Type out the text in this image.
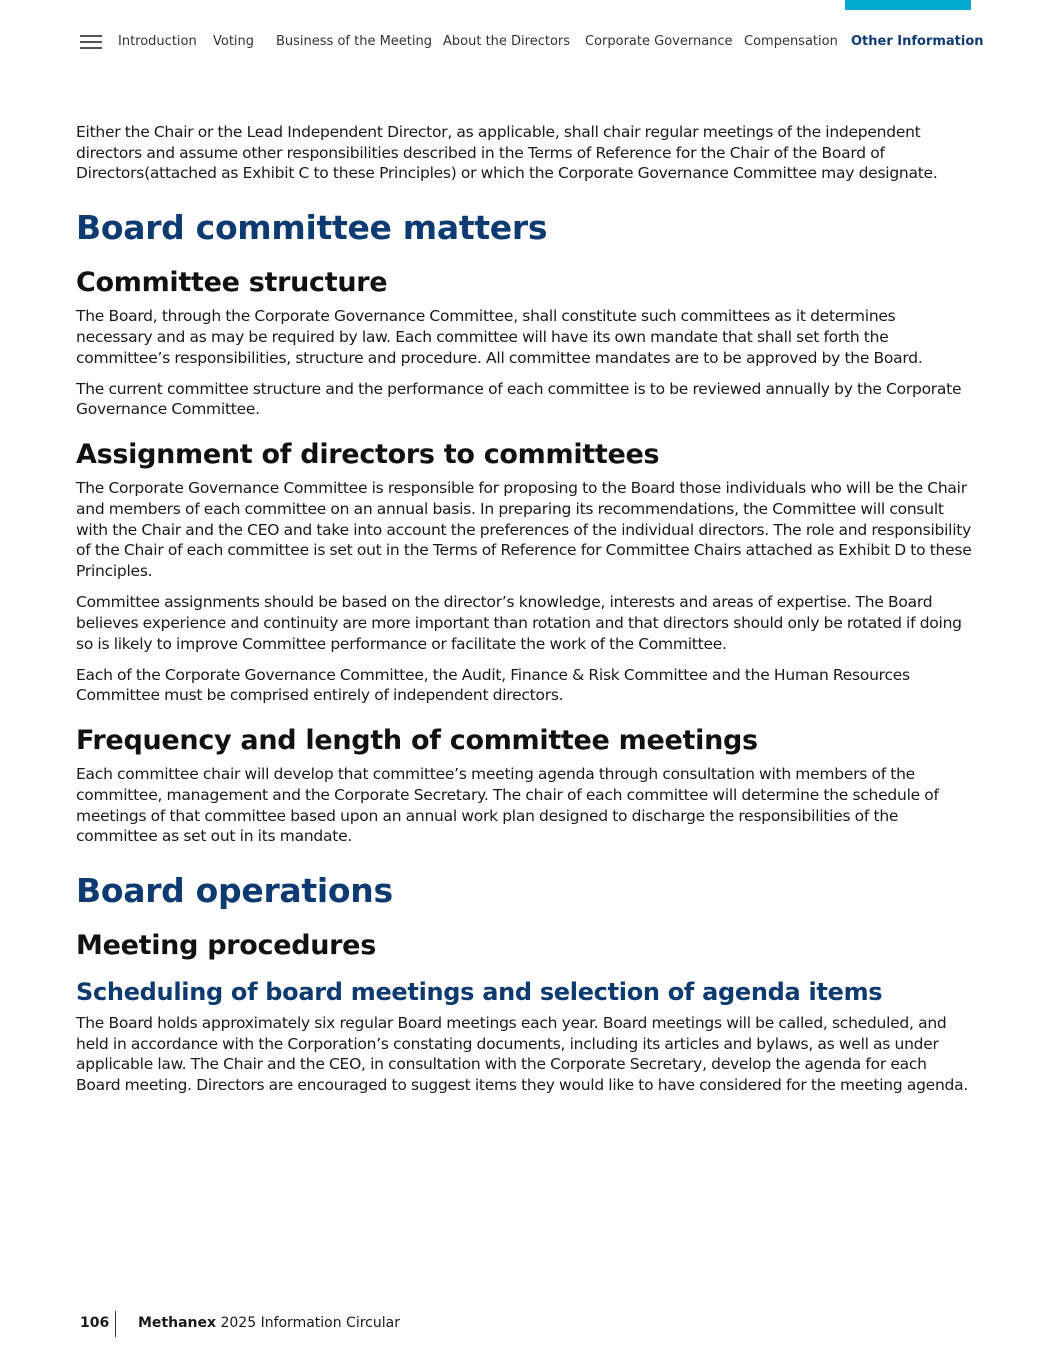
Introduction Voting Business of the Meeting About the Directors Corporate Governance Compensation Other Information

Either the Chair or the Lead Independent Director, as applicable, shall chair regular meetings of the independent directors and assume other responsibilities described in the Terms of Reference for the Chair of the Board of Directors(attached as Exhibit C to these Principles) or which the Corporate Governance Committee may designate.

Board committee matters
Committee structure

The Board, through the Corporate Governance Committee, shall constitute such committees as it determines necessary and as may be required by law. Each committee will have its own mandate that shall set forth the committee’s responsibilities, structure and procedure. All committee mandates are to be approved by the Board.

The current committee structure and the performance of each committee is to be reviewed annually by the Corporate Governance Committee.

Assignment of directors to committees

The Corporate Governance Committee is responsible for proposing to the Board those individuals who will be the Chair and members of each committee on an annual basis. In preparing its recommendations, the Committee will consult with the Chair and the CEO and take into account the preferences of the individual directors. The role and responsibility of the Chair of each committee is set out in the Terms of Reference for Committee Chairs attached as Exhibit D to these Principles.

Committee assignments should be based on the director’s knowledge, interests and areas of expertise. The Board believes experience and continuity are more important than rotation and that directors should only be rotated if doing so is likely to improve Committee performance or facilitate the work of the Committee.

Each of the Corporate Governance Committee, the Audit, Finance & Risk Committee and the Human Resources Committee must be comprised entirely of independent directors.

Frequency and length of committee meetings

Each committee chair will develop that committee’s meeting agenda through consultation with members of the committee, management and the Corporate Secretary. The chair of each committee will determine the schedule of meetings of that committee based upon an annual work plan designed to discharge the responsibilities of the committee as set out in its mandate.

Board operations
Meeting procedures
Scheduling of board meetings and selection of agenda items

The Board holds approximately six regular Board meetings each year. Board meetings will be called, scheduled, and held in accordance with the Corporation’s constating documents, including its articles and bylaws, as well as under applicable law. The Chair and the CEO, in consultation with the Corporate Secretary, develop the agenda for each Board meeting. Directors are encouraged to suggest items they would like to have considered for the meeting agenda.

106 Methanex 2025 Information Circular
